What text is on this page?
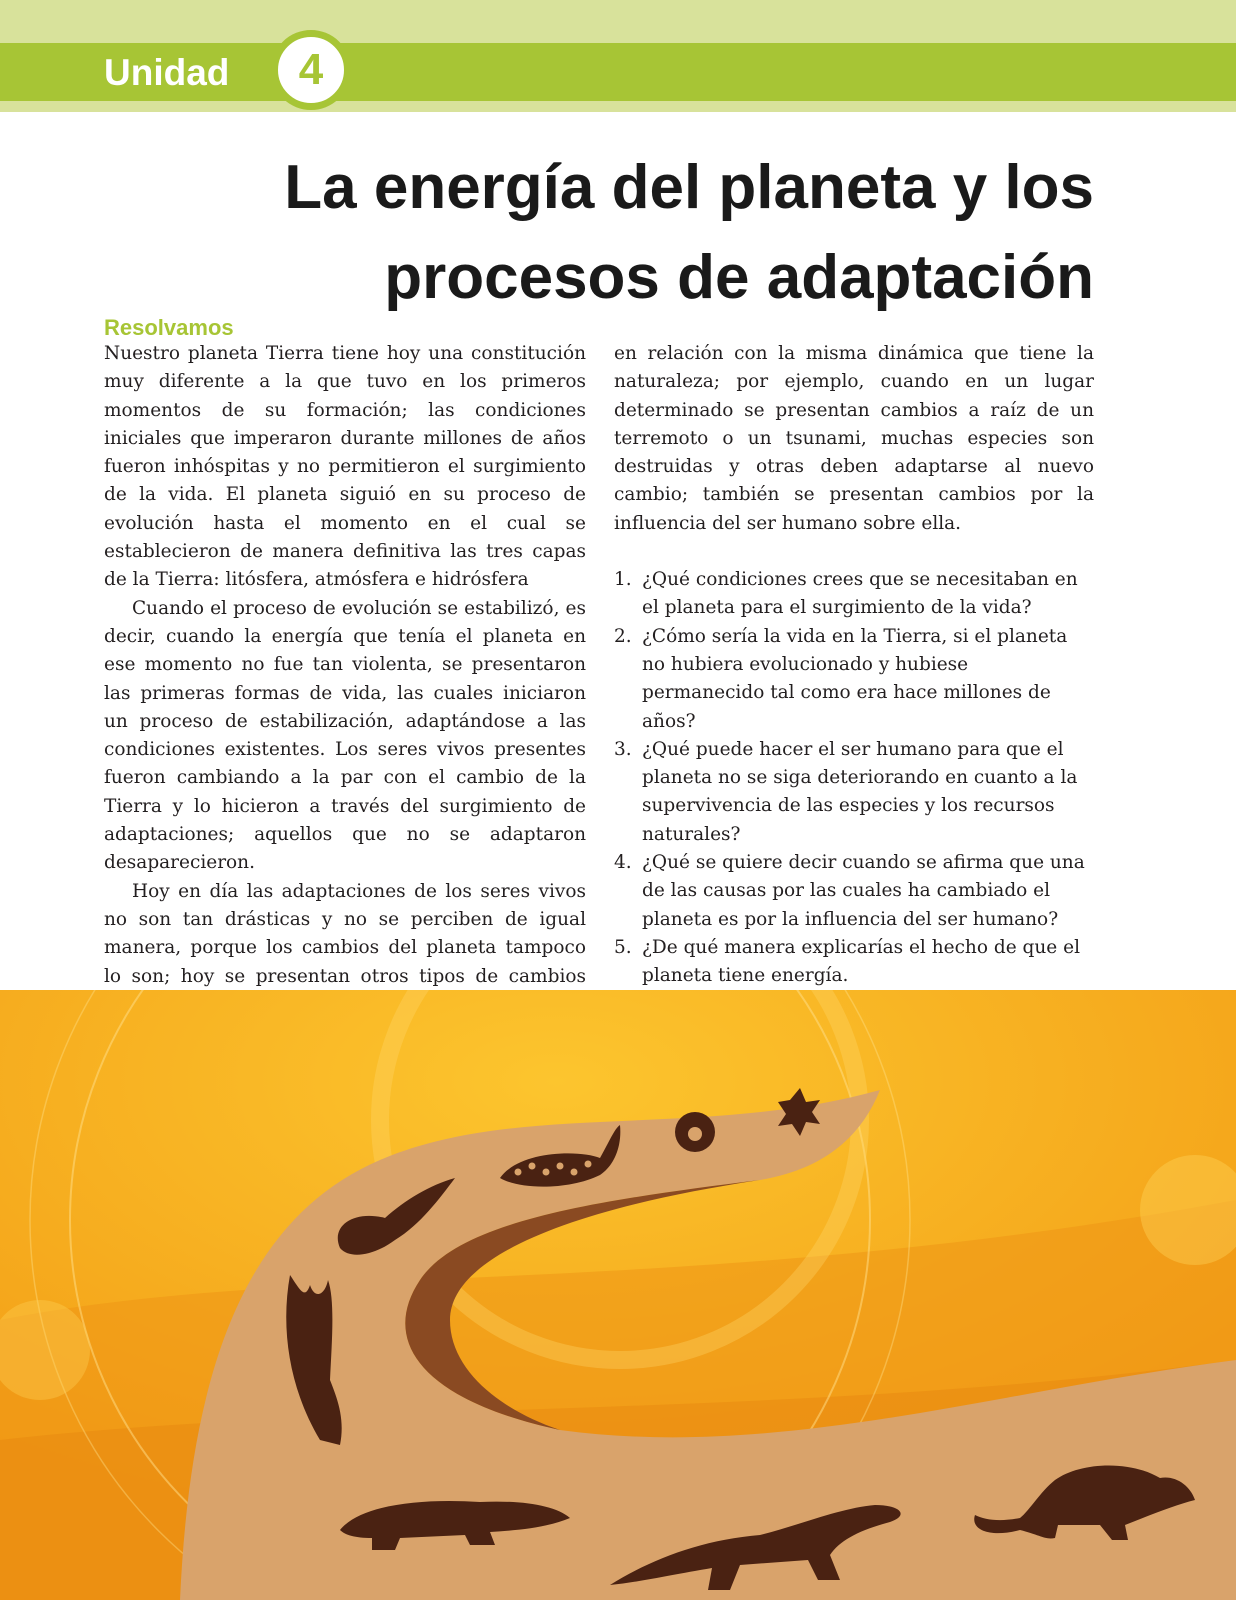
Unidad	4
La energía del planeta y los procesos de adaptación
Resolvamos

Nuestro planeta Tierra tiene hoy una constitución muy diferente a la que tuvo en los primeros momentos de su formación; las condiciones iniciales que imperaron durante millones de años fueron inhóspitas y no permitieron el surgimiento de la vida. El planeta siguió en su proceso de evolución hasta el momento en el cual se establecieron de manera definitiva las tres capas de la Tierra: litósfera, atmósfera e hidrósfera

Cuando el proceso de evolución se estabilizó, es decir, cuando la energía que tenía el planeta en ese momento no fue tan violenta, se presentaron las primeras formas de vida, las cuales iniciaron un proceso de estabilización, adaptándose a las condiciones existentes. Los seres vivos presentes fueron cambiando a la par con el cambio de la Tierra y lo hicieron a través del surgimiento de adaptaciones; aquellos que no se adaptaron desaparecieron.

Hoy en día las adaptaciones de los seres vivos no son tan drásticas y no se perciben de igual manera, porque los cambios del planeta tampoco lo son; hoy se presentan otros tipos de cambios

en relación con la misma dinámica que tiene la naturaleza; por ejemplo, cuando en un lugar determinado se presentan cambios a raíz de un terremoto o un tsunami, muchas especies son destruidas y otras deben adaptarse al nuevo cambio; también se presentan cambios por la influencia del ser humano sobre ella.

1. ¿Qué condiciones crees que se necesitaban en el planeta para el surgimiento de la vida?
2. ¿Cómo sería la vida en la Tierra, si el planeta no hubiera evolucionado y hubiese permanecido tal como era hace millones de años?
3. ¿Qué puede hacer el ser humano para que el planeta no se siga deteriorando en cuanto a la supervivencia de las especies y los recursos naturales?
4. ¿Qué se quiere decir cuando se afirma que una de las causas por las cuales ha cambiado el planeta es por la influencia del ser humano?
5. ¿De qué manera explicarías el hecho de que el planeta tiene energía.
